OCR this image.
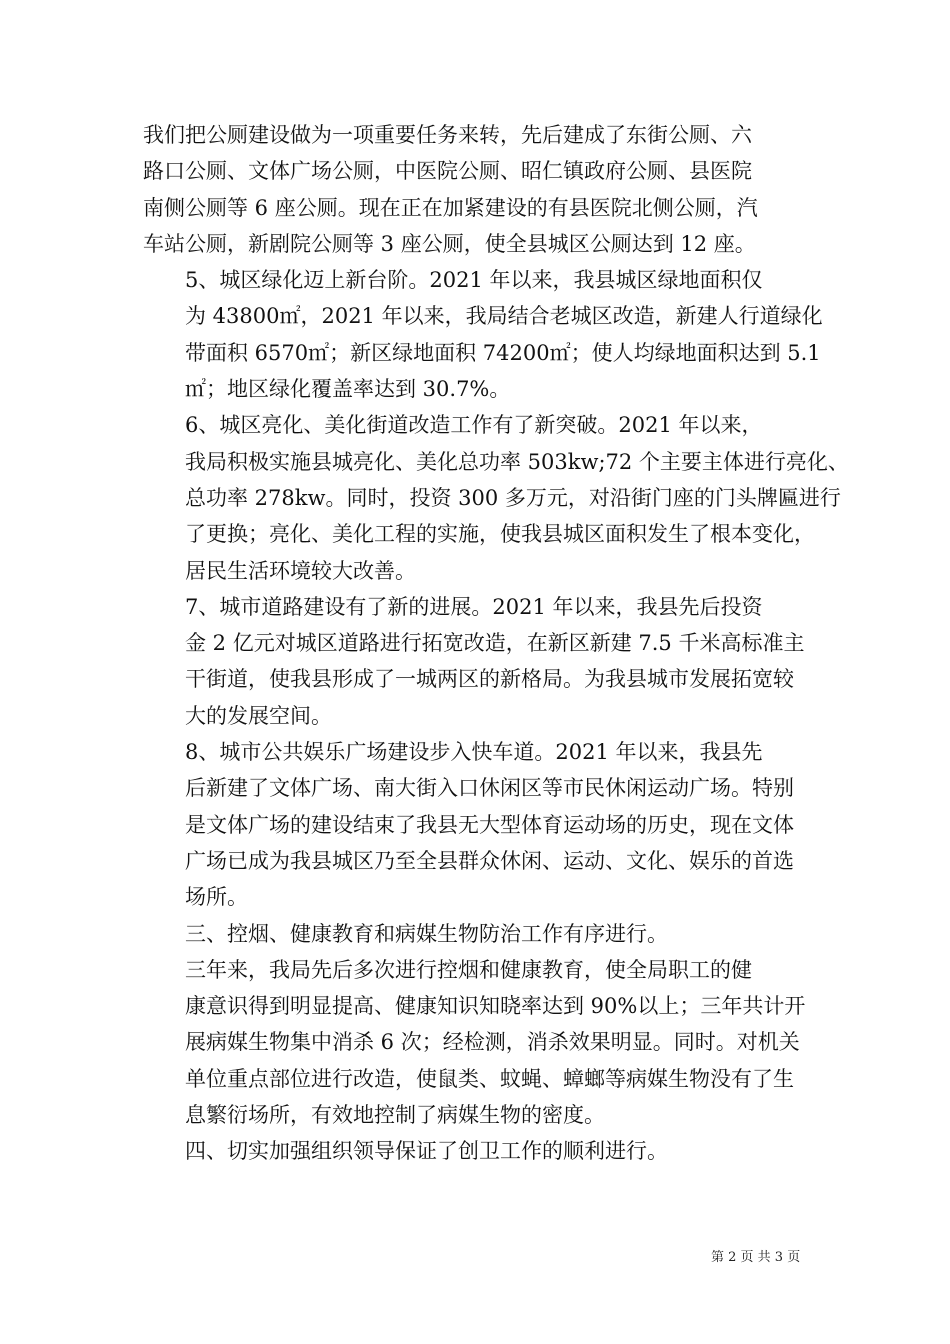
我们把公厕建设做为一项重要任务来转，先后建成了东街公厕、六
路口公厕、文体广场公厕，中医院公厕、昭仁镇政府公厕、县医院
南侧公厕等 6 座公厕。现在正在加紧建设的有县医院北侧公厕，汽
车站公厕，新剧院公厕等 3 座公厕，使全县城区公厕达到 12 座。

5、城区绿化迈上新台阶。2021 年以来，我县城区绿地面积仅
为 43800㎡，2021 年以来，我局结合老城区改造，新建人行道绿化
带面积 6570㎡；新区绿地面积 74200㎡；使人均绿地面积达到 5.1
㎡；地区绿化覆盖率达到 30.7%。

6、城区亮化、美化街道改造工作有了新突破。2021 年以来，
我局积极实施县城亮化、美化总功率 503kw;72 个主要主体进行亮化、
总功率 278kw。同时，投资 300 多万元，对沿街门座的门头牌匾进行
了更换；亮化、美化工程的实施，使我县城区面积发生了根本变化，
居民生活环境较大改善。

7、城市道路建设有了新的进展。2021 年以来，我县先后投资
金 2 亿元对城区道路进行拓宽改造，在新区新建 7.5 千米高标准主
干街道，使我县形成了一城两区的新格局。为我县城市发展拓宽较
大的发展空间。

8、城市公共娱乐广场建设步入快车道。2021 年以来，我县先
后新建了文体广场、南大街入口休闲区等市民休闲运动广场。特别
是文体广场的建设结束了我县无大型体育运动场的历史，现在文体
广场已成为我县城区乃至全县群众休闲、运动、文化、娱乐的首选
场所。

三、控烟、健康教育和病媒生物防治工作有序进行。

三年来，我局先后多次进行控烟和健康教育，使全局职工的健
康意识得到明显提高、健康知识知晓率达到 90%以上；三年共计开
展病媒生物集中消杀 6 次；经检测，消杀效果明显。同时。对机关
单位重点部位进行改造，使鼠类、蚊蝇、蟑螂等病媒生物没有了生
息繁衍场所，有效地控制了病媒生物的密度。

四、切实加强组织领导保证了创卫工作的顺利进行。

第 2 页 共 3 页
